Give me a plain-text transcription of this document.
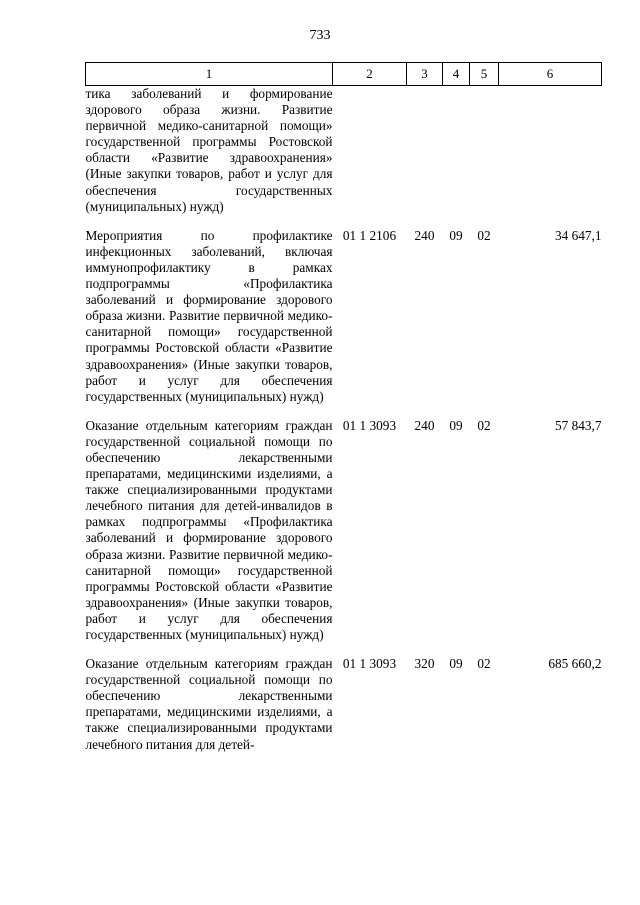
733
1	2	3	4	5	6
тика заболеваний и формирование здорового образа жизни. Развитие первичной медико-санитарной помощи» государственной программы Ростовской области «Развитие здравоохранения» (Иные закупки товаров, работ и услуг для обеспечения государственных (муниципальных) нужд)					

Мероприятия по профилактике инфекционных заболеваний, включая иммунопрофилактику в рамках подпрограммы «Профилактика заболеваний и формирование здорового образа жизни. Развитие первичной медико-санитарной помощи» государственной программы Ростовской области «Развитие здравоохранения» (Иные закупки товаров, работ и услуг для обеспечения государственных (муниципальных) нужд)	01 1 2106	240	09	02	34 647,1

Оказание отдельным категориям граждан государственной социальной помощи по обеспечению лекарственными препаратами, медицинскими изделиями, а также специализированными продуктами лечебного питания для детей-инвалидов в рамках подпрограммы «Профилактика заболеваний и формирование здорового образа жизни. Развитие первичной медико-санитарной помощи» государственной программы Ростовской области «Развитие здравоохранения» (Иные закупки товаров, работ и услуг для обеспечения государственных (муниципальных) нужд)	01 1 3093	240	09	02	57 843,7

Оказание отдельным категориям граждан государственной социальной помощи по обеспечению лекарственными препаратами, медицинскими изделиями, а также специализированными продуктами лечебного питания для детей-	01 1 3093	320	09	02	685 660,2
